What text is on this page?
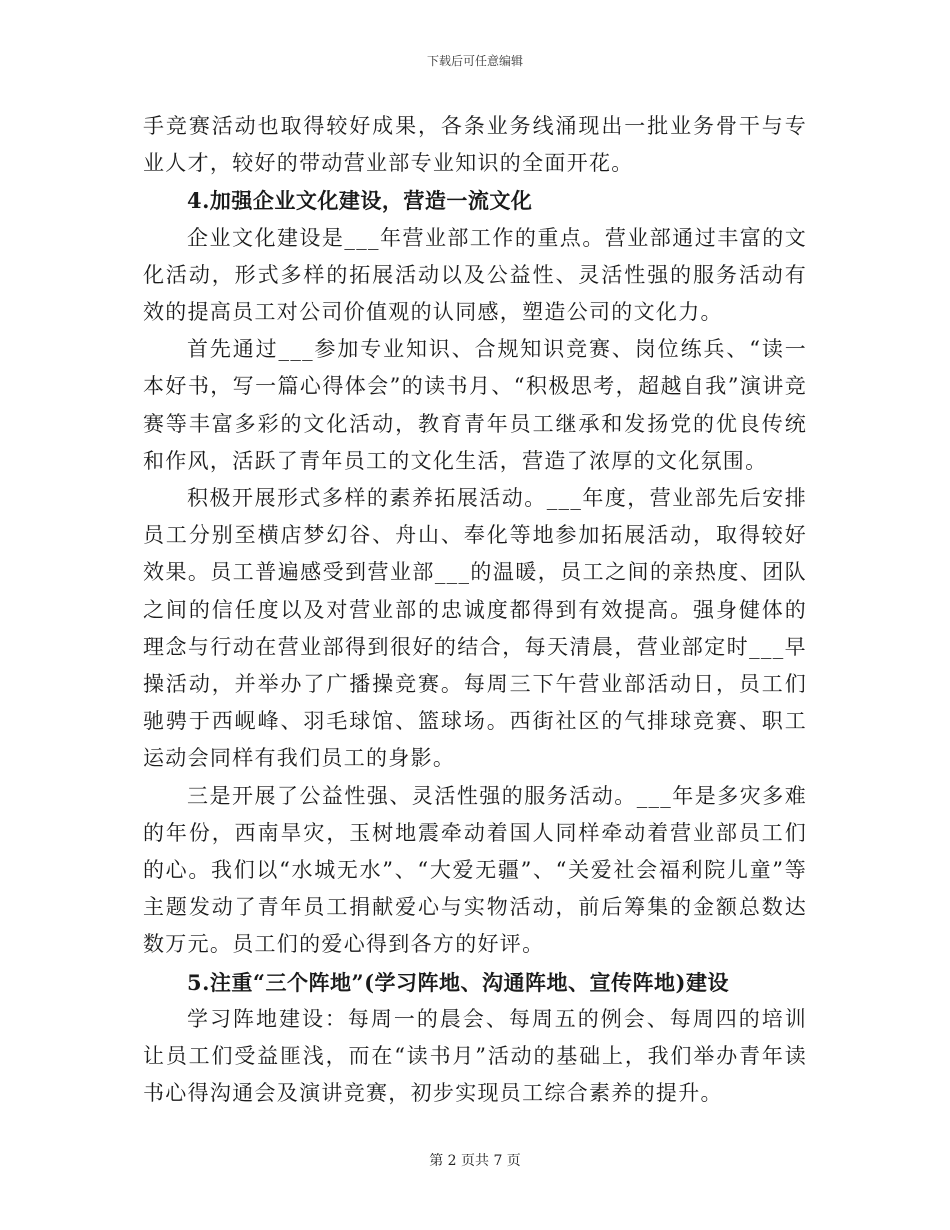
下载后可任意编辑

手竞赛活动也取得较好成果，各条业务线涌现出一批业务骨干与专业人才，较好的带动营业部专业知识的全面开花。

4.加强企业文化建设，营造一流文化

企业文化建设是___年营业部工作的重点。营业部通过丰富的文化活动，形式多样的拓展活动以及公益性、灵活性强的服务活动有效的提高员工对公司价值观的认同感，塑造公司的文化力。

首先通过___参加专业知识、合规知识竞赛、岗位练兵、“读一本好书，写一篇心得体会”的读书月、“积极思考，超越自我”演讲竞赛等丰富多彩的文化活动，教育青年员工继承和发扬党的优良传统和作风，活跃了青年员工的文化生活，营造了浓厚的文化氛围。

积极开展形式多样的素养拓展活动。___年度，营业部先后安排员工分别至横店梦幻谷、舟山、奉化等地参加拓展活动，取得较好效果。员工普遍感受到营业部___的温暖，员工之间的亲热度、团队之间的信任度以及对营业部的忠诚度都得到有效提高。强身健体的理念与行动在营业部得到很好的结合，每天清晨，营业部定时___早操活动，并举办了广播操竞赛。每周三下午营业部活动日，员工们驰骋于西岘峰、羽毛球馆、篮球场。西街社区的气排球竞赛、职工运动会同样有我们员工的身影。

三是开展了公益性强、灵活性强的服务活动。___年是多灾多难的年份，西南旱灾，玉树地震牵动着国人同样牵动着营业部员工们的心。我们以“水城无水”、“大爱无疆”、“关爱社会福利院儿童”等主题发动了青年员工捐献爱心与实物活动，前后筹集的金额总数达数万元。员工们的爱心得到各方的好评。

5.注重“三个阵地”(学习阵地、沟通阵地、宣传阵地)建设

学习阵地建设：每周一的晨会、每周五的例会、每周四的培训让员工们受益匪浅，而在“读书月”活动的基础上，我们举办青年读书心得沟通会及演讲竞赛，初步实现员工综合素养的提升。

第 2 页共 7 页
